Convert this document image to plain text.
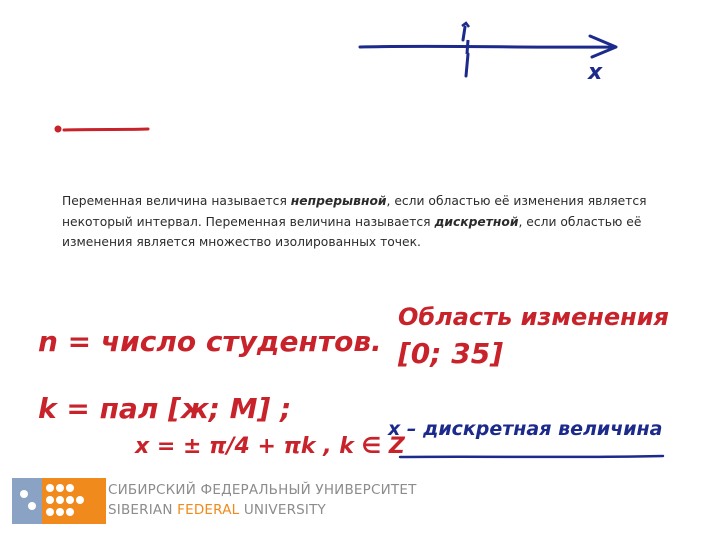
x

Переменная величина называется непрерывной, если областью её изменения является некоторый интервал. Переменная величина называется дискретной, если областью её изменения является множество изолированных точек.

n = число студентов.
Область изменения
[0; 35]
k = пал [ж; M] ;
x = ± π/4 + πk , k ∈ Z
x – дискретная величина
СИБИРСКИЙ ФЕДЕРАЛЬНЫЙ УНИВЕРСИТЕТ
SIBERIAN FEDERAL UNIVERSITY
